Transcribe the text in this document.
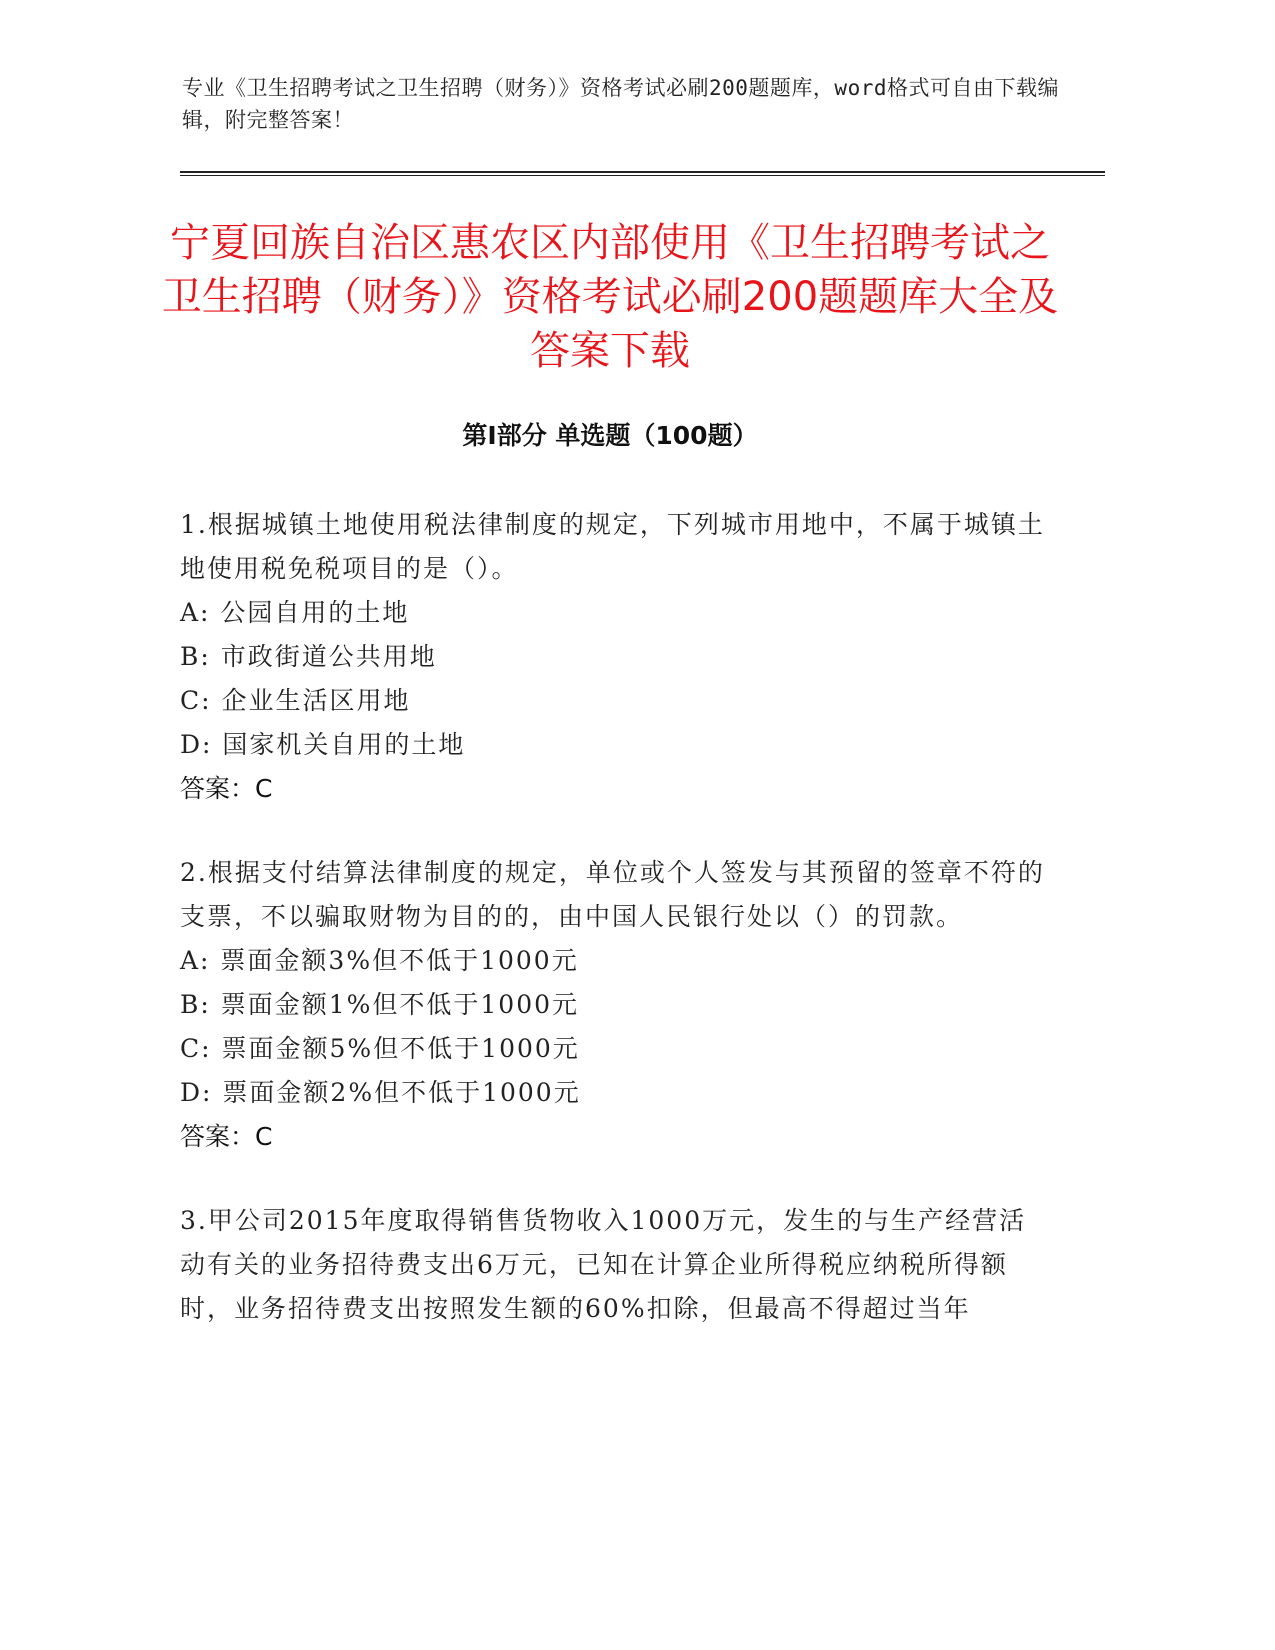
专业《卫生招聘考试之卫生招聘（财务）》资格考试必刷200题题库，word格式可自由下载编辑，附完整答案！
宁夏回族自治区惠农区内部使用《卫生招聘考试之卫生招聘（财务）》资格考试必刷200题题库大全及答案下载
第Ⅰ部分 单选题（100题）
1.根据城镇土地使用税法律制度的规定，下列城市用地中，不属于城镇土地使用税免税项目的是（）。
A: 公园自用的土地
B: 市政街道公共用地
C: 企业生活区用地
D: 国家机关自用的土地
答案：C
2.根据支付结算法律制度的规定，单位或个人签发与其预留的签章不符的支票，不以骗取财物为目的的，由中国人民银行处以（）的罚款。
A: 票面金额3%但不低于1000元
B: 票面金额1%但不低于1000元
C: 票面金额5%但不低于1000元
D: 票面金额2%但不低于1000元
答案：C
3.甲公司2015年度取得销售货物收入1000万元，发生的与生产经营活动有关的业务招待费支出6万元，已知在计算企业所得税应纳税所得额时，业务招待费支出按照发生额的60%扣除，但最高不得超过当年
